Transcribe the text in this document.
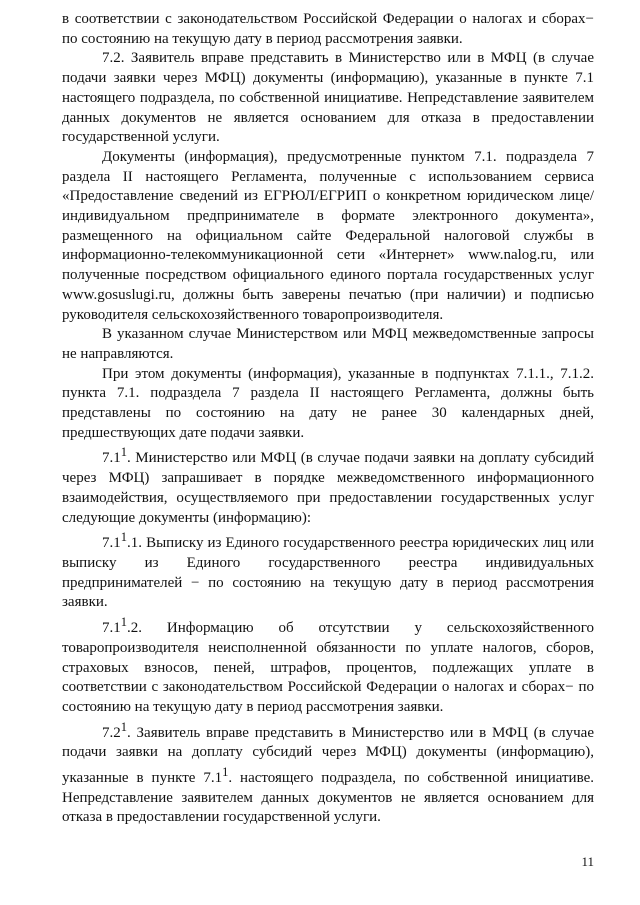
в соответствии с законодательством Российской Федерации о налогах и сборах− по состоянию на текущую дату в период рассмотрения заявки.

7.2. Заявитель вправе представить в Министерство или в МФЦ (в случае подачи заявки через МФЦ) документы (информацию), указанные в пункте 7.1 настоящего подраздела, по собственной инициативе. Непредставление заявителем данных документов не является основанием для отказа в предоставлении государственной услуги.

Документы (информация), предусмотренные пунктом 7.1. подраздела 7 раздела II настоящего Регламента, полученные с использованием сервиса «Предоставление сведений из ЕГРЮЛ/ЕГРИП о конкретном юридическом лице/индивидуальном предпринимателе в формате электронного документа», размещенного на официальном сайте Федеральной налоговой службы в информационно-телекоммуникационной сети «Интернет» www.nalog.ru, или полученные посредством официального единого портала государственных услуг www.gosuslugi.ru, должны быть заверены печатью (при наличии) и подписью руководителя сельскохозяйственного товаропроизводителя.

В указанном случае Министерством или МФЦ межведомственные запросы не направляются.

При этом документы (информация), указанные в подпунктах 7.1.1., 7.1.2. пункта 7.1. подраздела 7 раздела II настоящего Регламента, должны быть представлены по состоянию на дату не ранее 30 календарных дней, предшествующих дате подачи заявки.

$7.1^1$. Министерство или МФЦ (в случае подачи заявки на доплату субсидий через МФЦ) запрашивает в порядке межведомственного информационного взаимодействия, осуществляемого при предоставлении государственных услуг следующие документы (информацию):

$7.1^1.1$. Выписку из Единого государственного реестра юридических лиц или выписку из Единого государственного реестра индивидуальных предпринимателей − по состоянию на текущую дату в период рассмотрения заявки.

$7.1^1.2$. Информацию об отсутствии у сельскохозяйственного товаропроизводителя неисполненной обязанности по уплате налогов, сборов, страховых взносов, пеней, штрафов, процентов, подлежащих уплате в соответствии с законодательством Российской Федерации о налогах и сборах− по состоянию на текущую дату в период рассмотрения заявки.

$7.2^1$. Заявитель вправе представить в Министерство или в МФЦ (в случае подачи заявки на доплату субсидий через МФЦ) документы (информацию), указанные в пункте $7.1^1$. настоящего подраздела, по собственной инициативе. Непредставление заявителем данных документов не является основанием для отказа в предоставлении государственной услуги.

11
